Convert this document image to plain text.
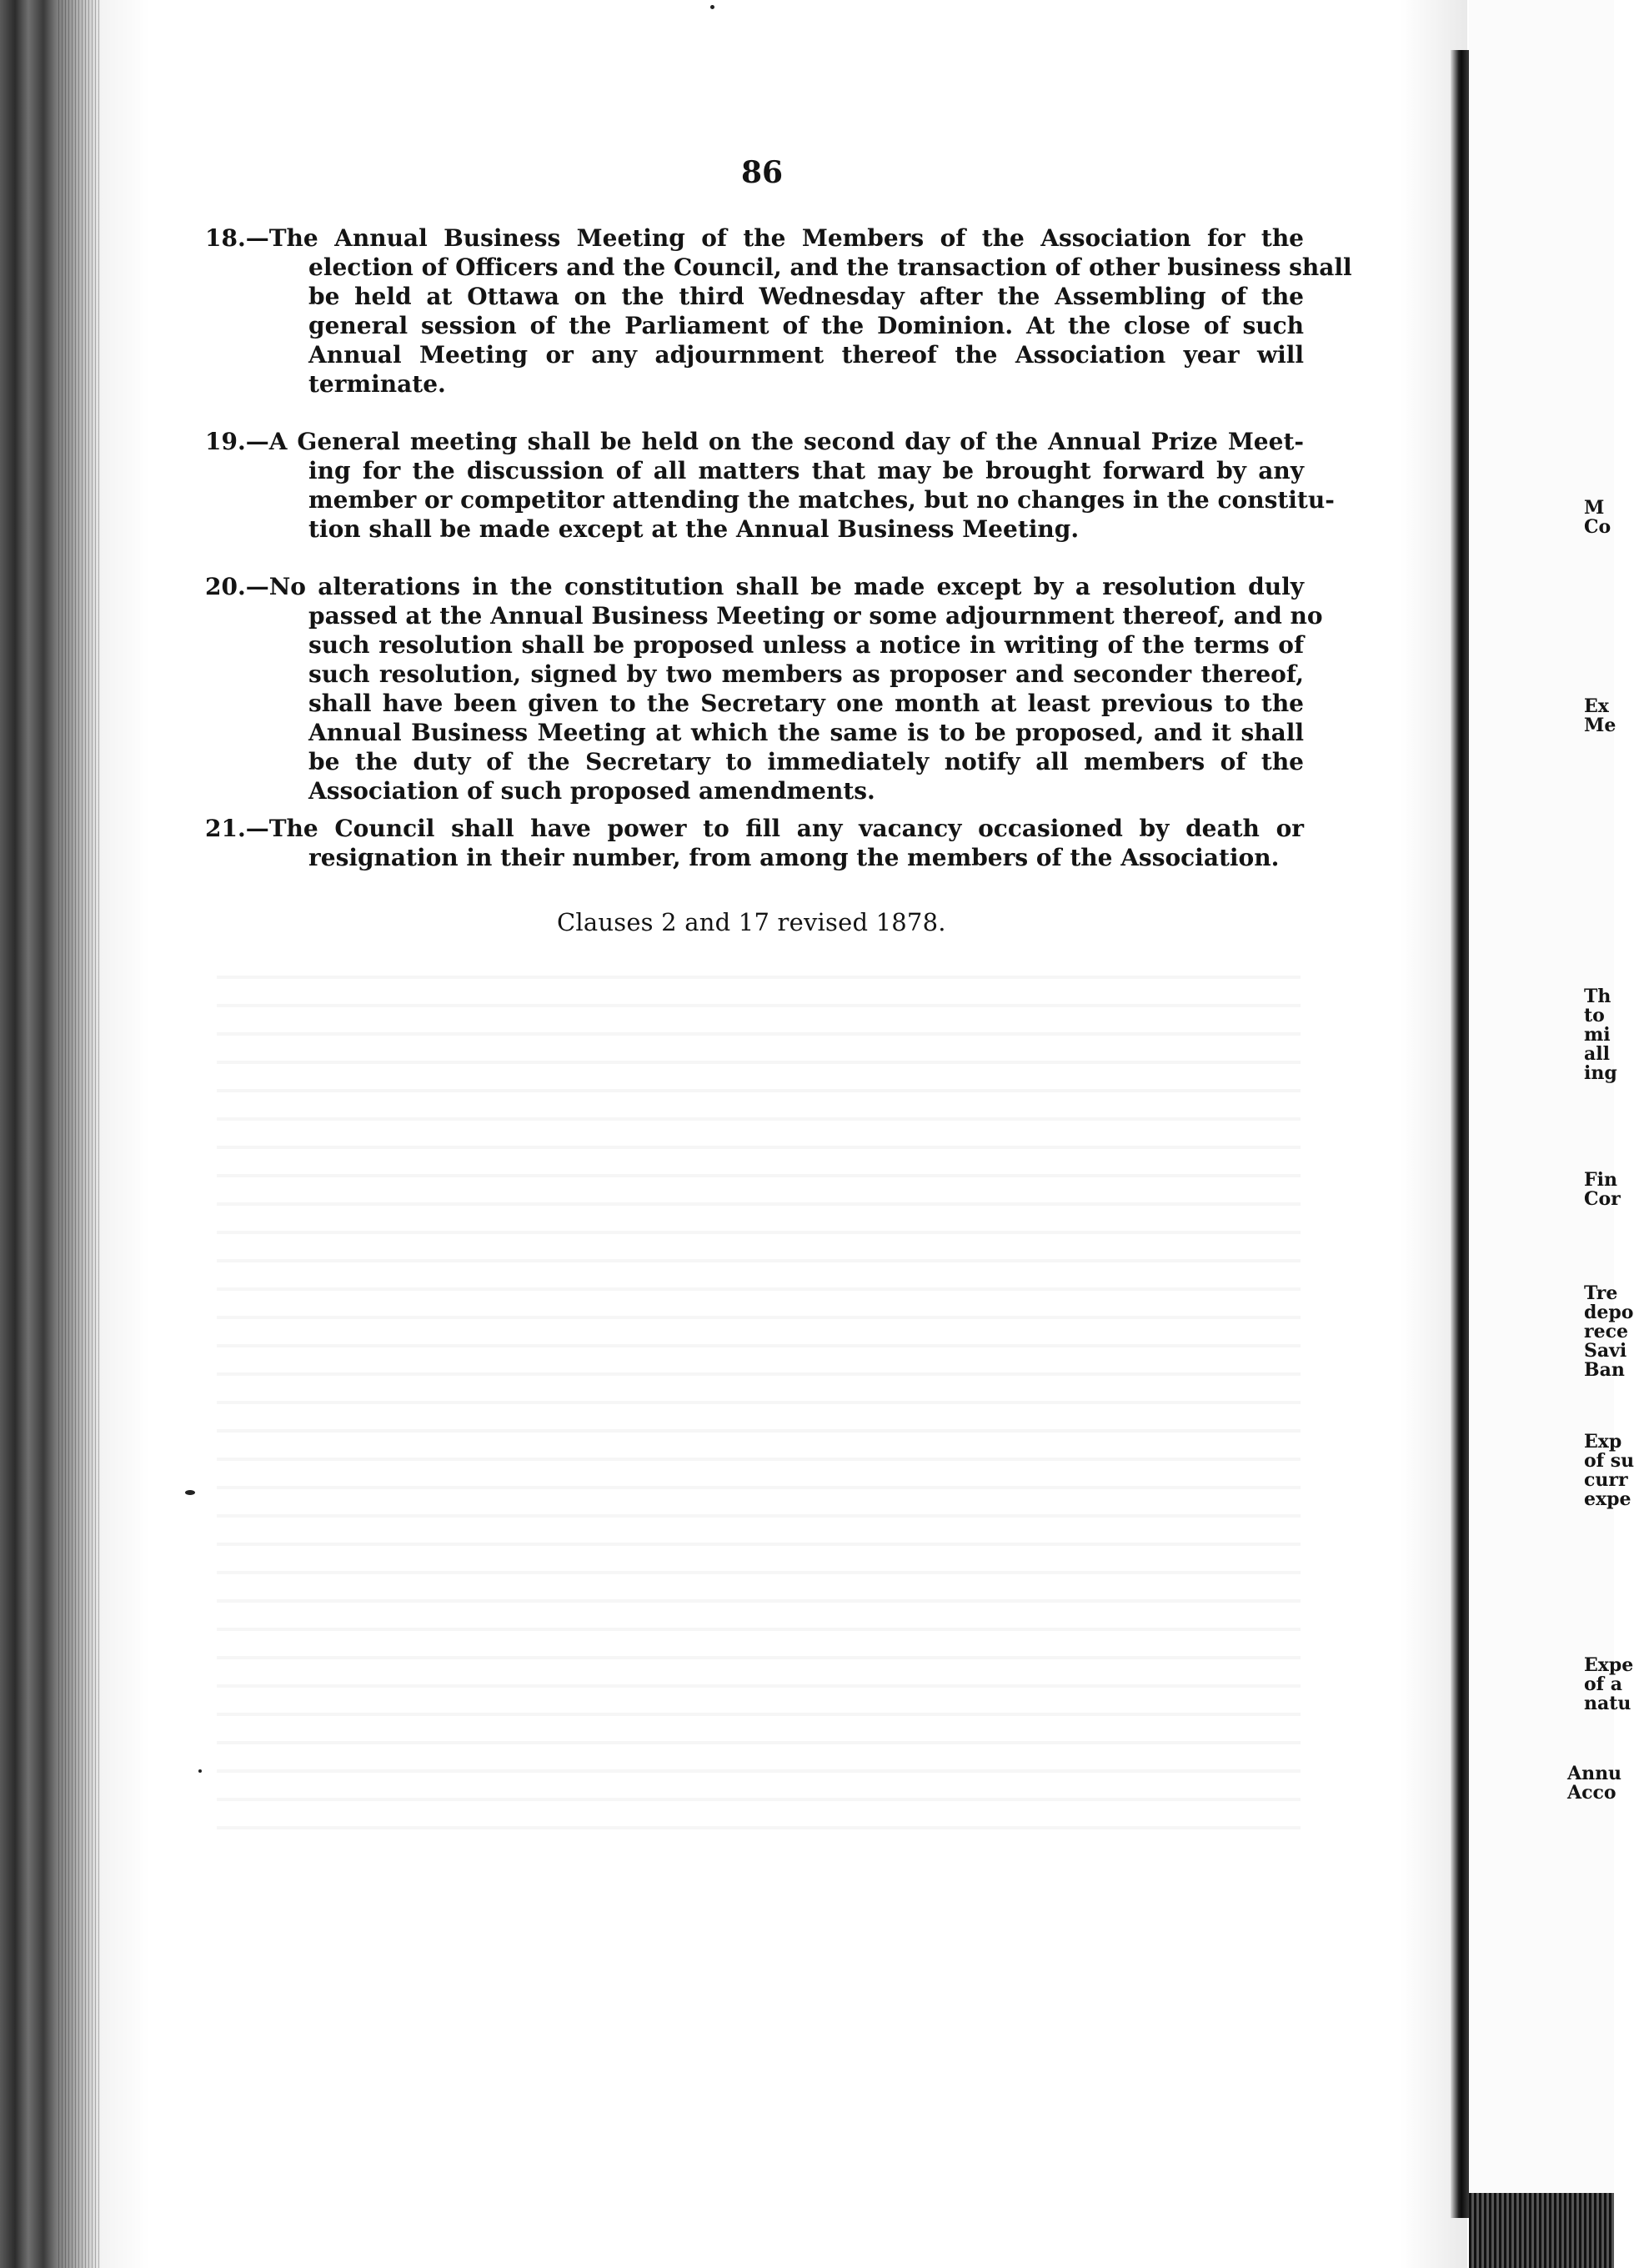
86
18.—The Annual Business Meeting of the Members of the Association for the
election of Officers and the Council, and the transaction of other business shall
be held at Ottawa on the third Wednesday after the Assembling of the
general session of the Parliament of the Dominion. At the close of such
Annual Meeting or any adjournment thereof the Association year will
terminate.
19.—A General meeting shall be held on the second day of the Annual Prize Meet-
ing for the discussion of all matters that may be brought forward by any
member or competitor attending the matches, but no changes in the constitu-
tion shall be made except at the Annual Business Meeting.
20.—No alterations in the constitution shall be made except by a resolution duly
passed at the Annual Business Meeting or some adjournment thereof, and no
such resolution shall be proposed unless a notice in writing of the terms of
such resolution, signed by two members as proposer and seconder thereof,
shall have been given to the Secretary one month at least previous to the
Annual Business Meeting at which the same is to be proposed, and it shall
be the duty of the Secretary to immediately notify all members of the
Association of such proposed amendments.
21.—The Council shall have power to fill any vacancy occasioned by death or
resignation in their number, from among the members of the Association.
Clauses 2 and 17 revised 1878.
M
Co
Ex
Me
Th
to
mi
all
ing
Fin
Cor
Tre
depo
rece
Savi
Ban
Exp
of su
curr
expe
Expe
of a
natu
Annu
Acco
